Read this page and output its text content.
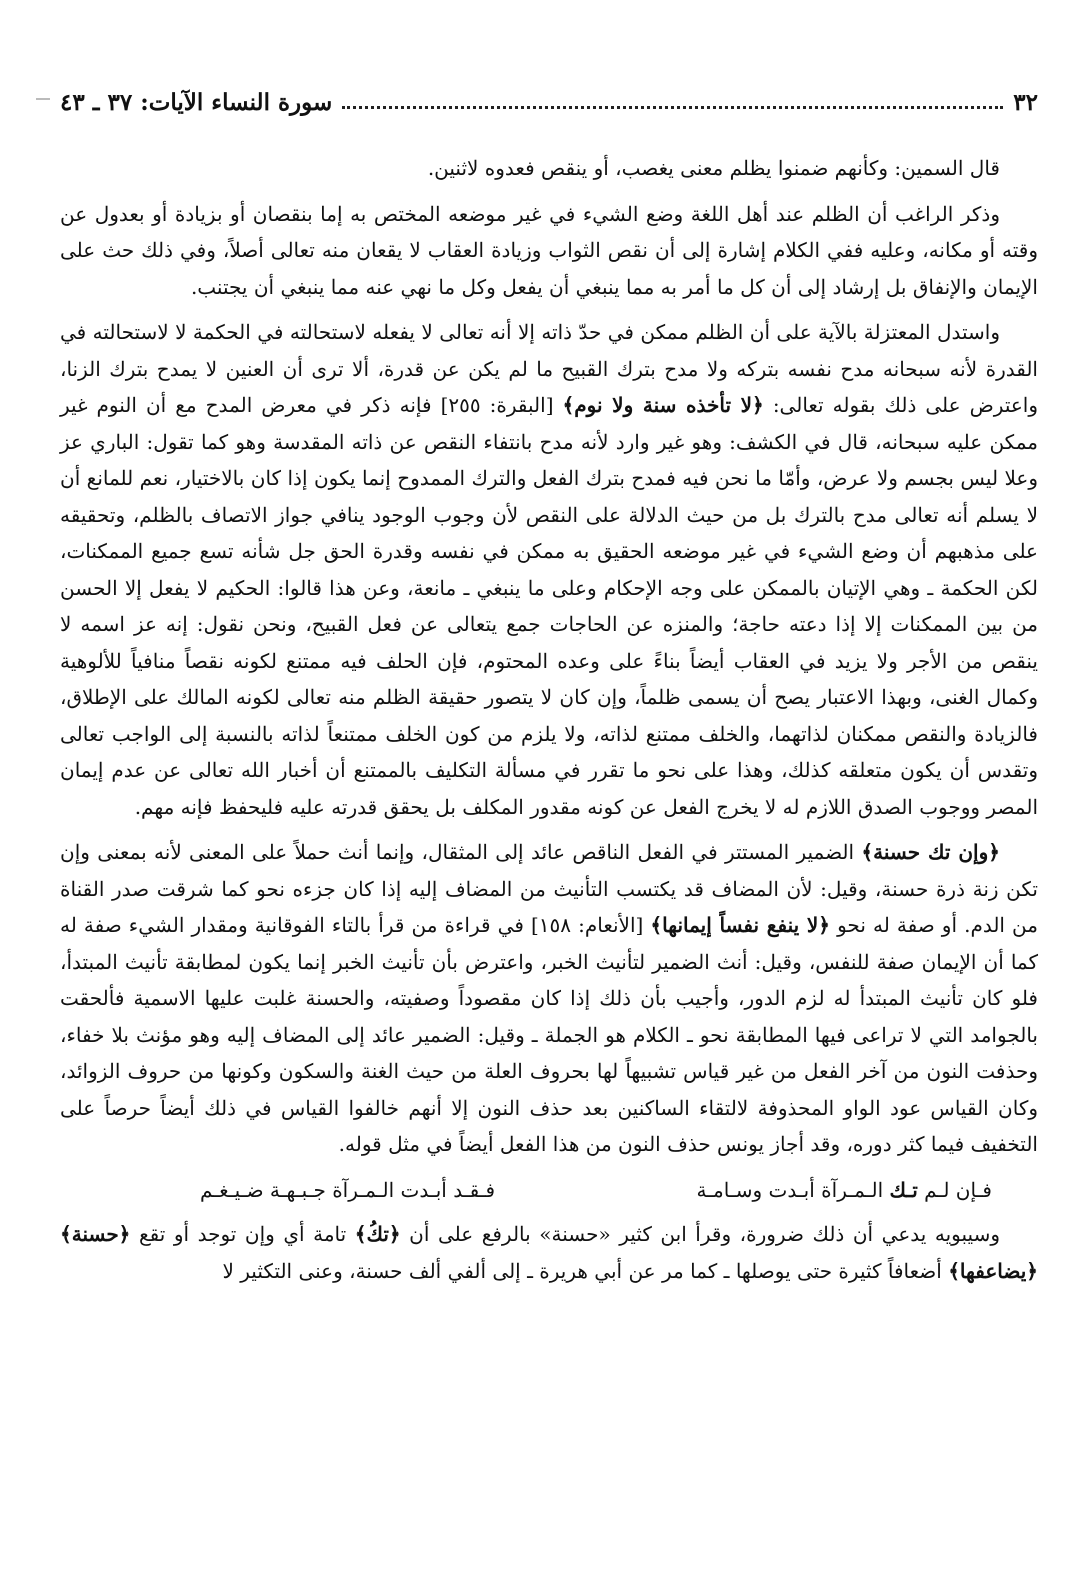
٣٢
سورة النساء الآيات: ٣٧ ـ ٤٣

قال السمين: وكأنهم ضمنوا يظلم معنى يغصب، أو ينقص فعدوه لاثنين.

وذكر الراغب أن الظلم عند أهل اللغة وضع الشيء في غير موضعه المختص به إما بنقصان أو بزيادة أو بعدول عن وقته أو مكانه، وعليه ففي الكلام إشارة إلى أن نقص الثواب وزيادة العقاب لا يقعان منه تعالى أصلاً، وفي ذلك حث على الإيمان والإنفاق بل إرشاد إلى أن كل ما أمر به مما ينبغي أن يفعل وكل ما نهي عنه مما ينبغي أن يجتنب.

واستدل المعتزلة بالآية على أن الظلم ممكن في حدّ ذاته إلا أنه تعالى لا يفعله لاستحالته في الحكمة لا لاستحالته في القدرة لأنه سبحانه مدح نفسه بتركه ولا مدح بترك القبيح ما لم يكن عن قدرة، ألا ترى أن العنين لا يمدح بترك الزنا، واعترض على ذلك بقوله تعالى: ﴿لا تأخذه سنة ولا نوم﴾ [البقرة: ٢٥٥] فإنه ذكر في معرض المدح مع أن النوم غير ممكن عليه سبحانه، قال في الكشف: وهو غير وارد لأنه مدح بانتفاء النقص عن ذاته المقدسة وهو كما تقول: الباري عز وعلا ليس بجسم ولا عرض، وأمّا ما نحن فيه فمدح بترك الفعل والترك الممدوح إنما يكون إذا كان بالاختيار، نعم للمانع أن لا يسلم أنه تعالى مدح بالترك بل من حيث الدلالة على النقص لأن وجوب الوجود ينافي جواز الاتصاف بالظلم، وتحقيقه على مذهبهم أن وضع الشيء في غير موضعه الحقيق به ممكن في نفسه وقدرة الحق جل شأنه تسع جميع الممكنات، لكن الحكمة ـ وهي الإتيان بالممكن على وجه الإحكام وعلى ما ينبغي ـ مانعة، وعن هذا قالوا: الحكيم لا يفعل إلا الحسن من بين الممكنات إلا إذا دعته حاجة؛ والمنزه عن الحاجات جمع يتعالى عن فعل القبيح، ونحن نقول: إنه عز اسمه لا ينقص من الأجر ولا يزيد في العقاب أيضاً بناءً على وعده المحتوم، فإن الحلف فيه ممتنع لكونه نقصاً منافياً للألوهية وكمال الغنى، وبهذا الاعتبار يصح أن يسمى ظلماً، وإن كان لا يتصور حقيقة الظلم منه تعالى لكونه المالك على الإطلاق، فالزيادة والنقص ممكنان لذاتهما، والخلف ممتنع لذاته، ولا يلزم من كون الخلف ممتنعاً لذاته بالنسبة إلى الواجب تعالى وتقدس أن يكون متعلقه كذلك، وهذا على نحو ما تقرر في مسألة التكليف بالممتنع أن أخبار الله تعالى عن عدم إيمان المصر ووجوب الصدق اللازم له لا يخرج الفعل عن كونه مقدور المكلف بل يحقق قدرته عليه فليحفظ فإنه مهم.

﴿وإن تك حسنة﴾ الضمير المستتر في الفعل الناقص عائد إلى المثقال، وإنما أنث حملاً على المعنى لأنه بمعنى وإن تكن زنة ذرة حسنة، وقيل: لأن المضاف قد يكتسب التأنيث من المضاف إليه إذا كان جزءه نحو كما شرقت صدر القناة من الدم. أو صفة له نحو ﴿لا ينفع نفساً إيمانها﴾ [الأنعام: ١٥٨] في قراءة من قرأ بالتاء الفوقانية ومقدار الشيء صفة له كما أن الإيمان صفة للنفس، وقيل: أنث الضمير لتأنيث الخبر، واعترض بأن تأنيث الخبر إنما يكون لمطابقة تأنيث المبتدأ، فلو كان تأنيث المبتدأ له لزم الدور، وأجيب بأن ذلك إذا كان مقصوداً وصفيته، والحسنة غلبت عليها الاسمية فألحقت بالجوامد التي لا تراعى فيها المطابقة نحو ـ الكلام هو الجملة ـ وقيل: الضمير عائد إلى المضاف إليه وهو مؤنث بلا خفاء، وحذفت النون من آخر الفعل من غير قياس تشبيهاً لها بحروف العلة من حيث الغنة والسكون وكونها من حروف الزوائد، وكان القياس عود الواو المحذوفة لالتقاء الساكنين بعد حذف النون إلا أنهم خالفوا القياس في ذلك أيضاً حرصاً على التخفيف فيما كثر دوره، وقد أجاز يونس حذف النون من هذا الفعل أيضاً في مثل قوله.

فـإن لـم تـك الـمـرآة أبـدت وسـامـة
فـقـد أبـدت الـمـرآة جـبـهـة ضـيـغـم

وسيبويه يدعي أن ذلك ضرورة، وقرأ ابن كثير «حسنة» بالرفع على أن ﴿تكُ﴾ تامة أي وإن توجد أو تقع ﴿حسنة﴾ ﴿يضاعفها﴾ أضعافاً كثيرة حتى يوصلها ـ كما مر عن أبي هريرة ـ إلى ألفي ألف حسنة، وعنى التكثير لا
